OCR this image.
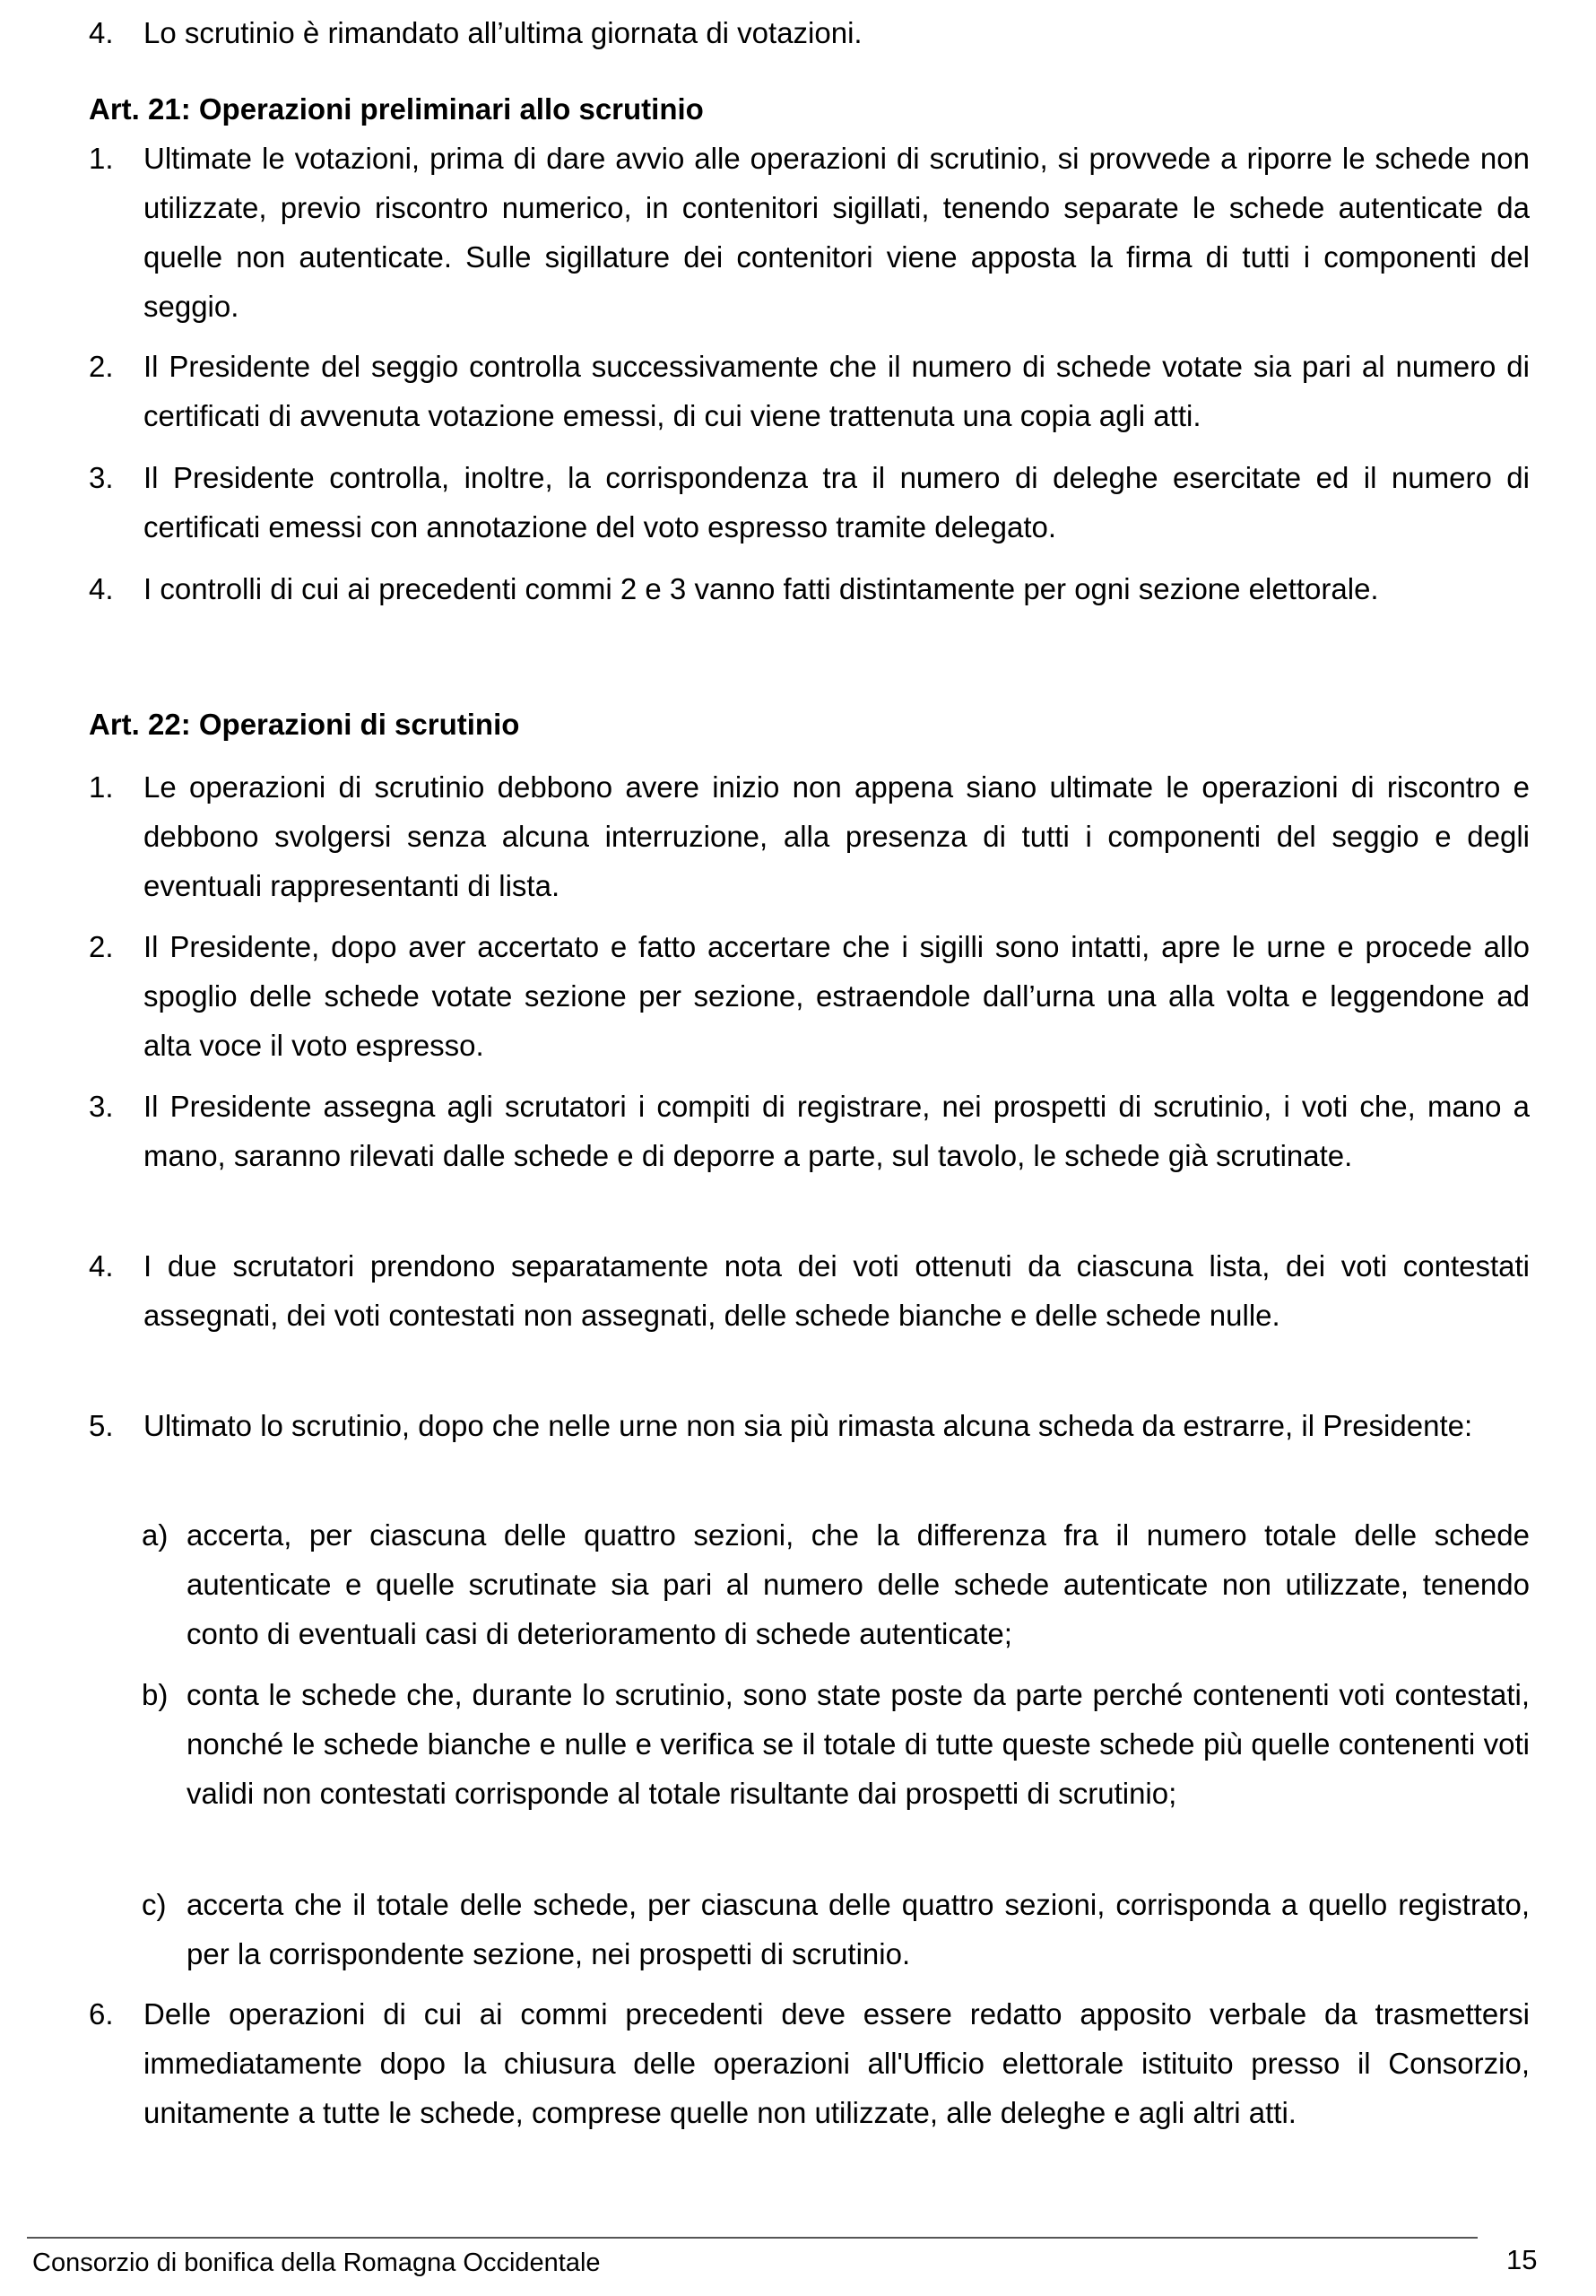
4. Lo scrutinio è rimandato all’ultima giornata di votazioni.

Art. 21: Operazioni preliminari allo scrutinio

1. Ultimate le votazioni, prima di dare avvio alle operazioni di scrutinio, si provvede a riporre le schede non utilizzate, previo riscontro numerico, in contenitori sigillati, tenendo separate le schede autenticate da quelle non autenticate. Sulle sigillature dei contenitori viene apposta la firma di tutti i componenti del seggio.

2. Il Presidente del seggio controlla successivamente che il numero di schede votate sia pari al numero di certificati di avvenuta votazione emessi, di cui viene trattenuta una copia agli atti.

3. Il Presidente controlla, inoltre, la corrispondenza tra il numero di deleghe esercitate ed il numero di certificati emessi con annotazione del voto espresso tramite delegato.

4. I controlli di cui ai precedenti commi 2 e 3 vanno fatti distintamente per ogni sezione elettorale.

Art. 22: Operazioni di scrutinio

1. Le operazioni di scrutinio debbono avere inizio non appena siano ultimate le operazioni di riscontro e debbono svolgersi senza alcuna interruzione, alla presenza di tutti i componenti del seggio e degli eventuali rappresentanti di lista.

2. Il Presidente, dopo aver accertato e fatto accertare che i sigilli sono intatti, apre le urne e procede allo spoglio delle schede votate sezione per sezione, estraendole dall’urna una alla volta e leggendone ad alta voce il voto espresso.

3. Il Presidente assegna agli scrutatori i compiti di registrare, nei prospetti di scrutinio, i voti che, mano a mano, saranno rilevati dalle schede e di deporre a parte, sul tavolo, le schede già scrutinate.

4. I due scrutatori prendono separatamente nota dei voti ottenuti da ciascuna lista, dei voti contestati assegnati, dei voti contestati non assegnati, delle schede bianche e delle schede nulle.

5. Ultimato lo scrutinio, dopo che nelle urne non sia più rimasta alcuna scheda da estrarre, il Presidente:

a) accerta, per ciascuna delle quattro sezioni, che la differenza fra il numero totale delle schede autenticate e quelle scrutinate sia pari al numero delle schede autenticate non utilizzate, tenendo conto di eventuali casi di deterioramento di schede autenticate;

b) conta le schede che, durante lo scrutinio, sono state poste da parte perché contenenti voti contestati, nonché le schede bianche e nulle e verifica se il totale di tutte queste schede più quelle contenenti voti validi non contestati corrisponde al totale risultante dai prospetti di scrutinio;

c) accerta che il totale delle schede, per ciascuna delle quattro sezioni, corrisponda a quello registrato, per la corrispondente sezione, nei prospetti di scrutinio.

6. Delle operazioni di cui ai commi precedenti deve essere redatto apposito verbale da trasmettersi immediatamente dopo la chiusura delle operazioni all'Ufficio elettorale istituito presso il Consorzio, unitamente a tutte le schede, comprese quelle non utilizzate, alle deleghe e agli altri atti.

Consorzio di bonifica della Romagna Occidentale	15
